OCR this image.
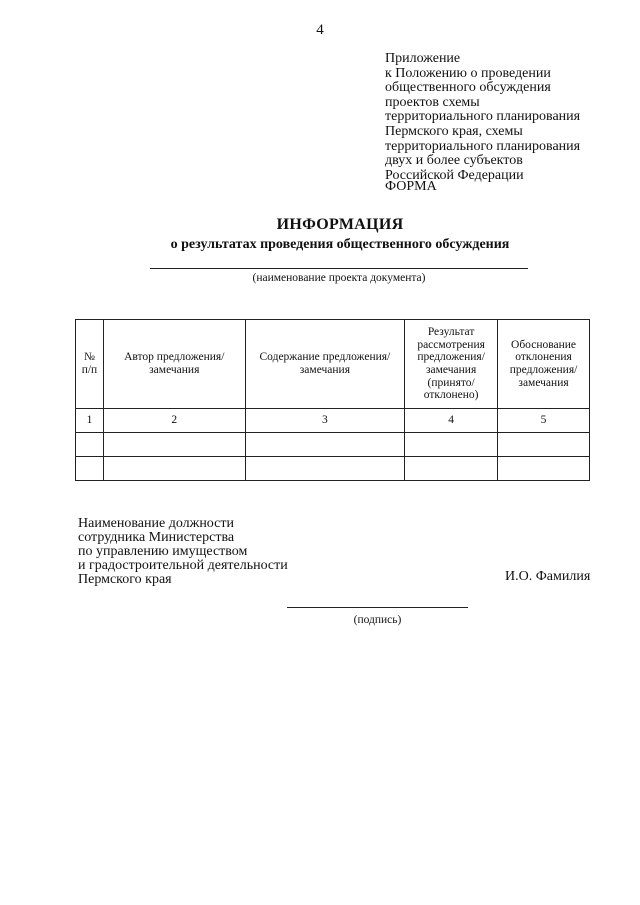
4
Приложение
к Положению о проведении
общественного обсуждения
проектов схемы
территориального планирования
Пермского края, схемы
территориального планирования
двух и более субъектов
Российской Федерации
ФОРМА
ИНФОРМАЦИЯ
о результатах проведения общественного обсуждения
(наименование проекта документа)
№ п/п	Автор предложения/ замечания	Содержание предложения/ замечания	Результат рассмотрения предложения/ замечания (принято/ отклонено)	Обоснование отклонения предложения/ замечания
1	2	3	4	5

Наименование должности
сотрудника Министерства
по управлению имуществом
и градостроительной деятельности
Пермского края	И.О. Фамилия
(подпись)
